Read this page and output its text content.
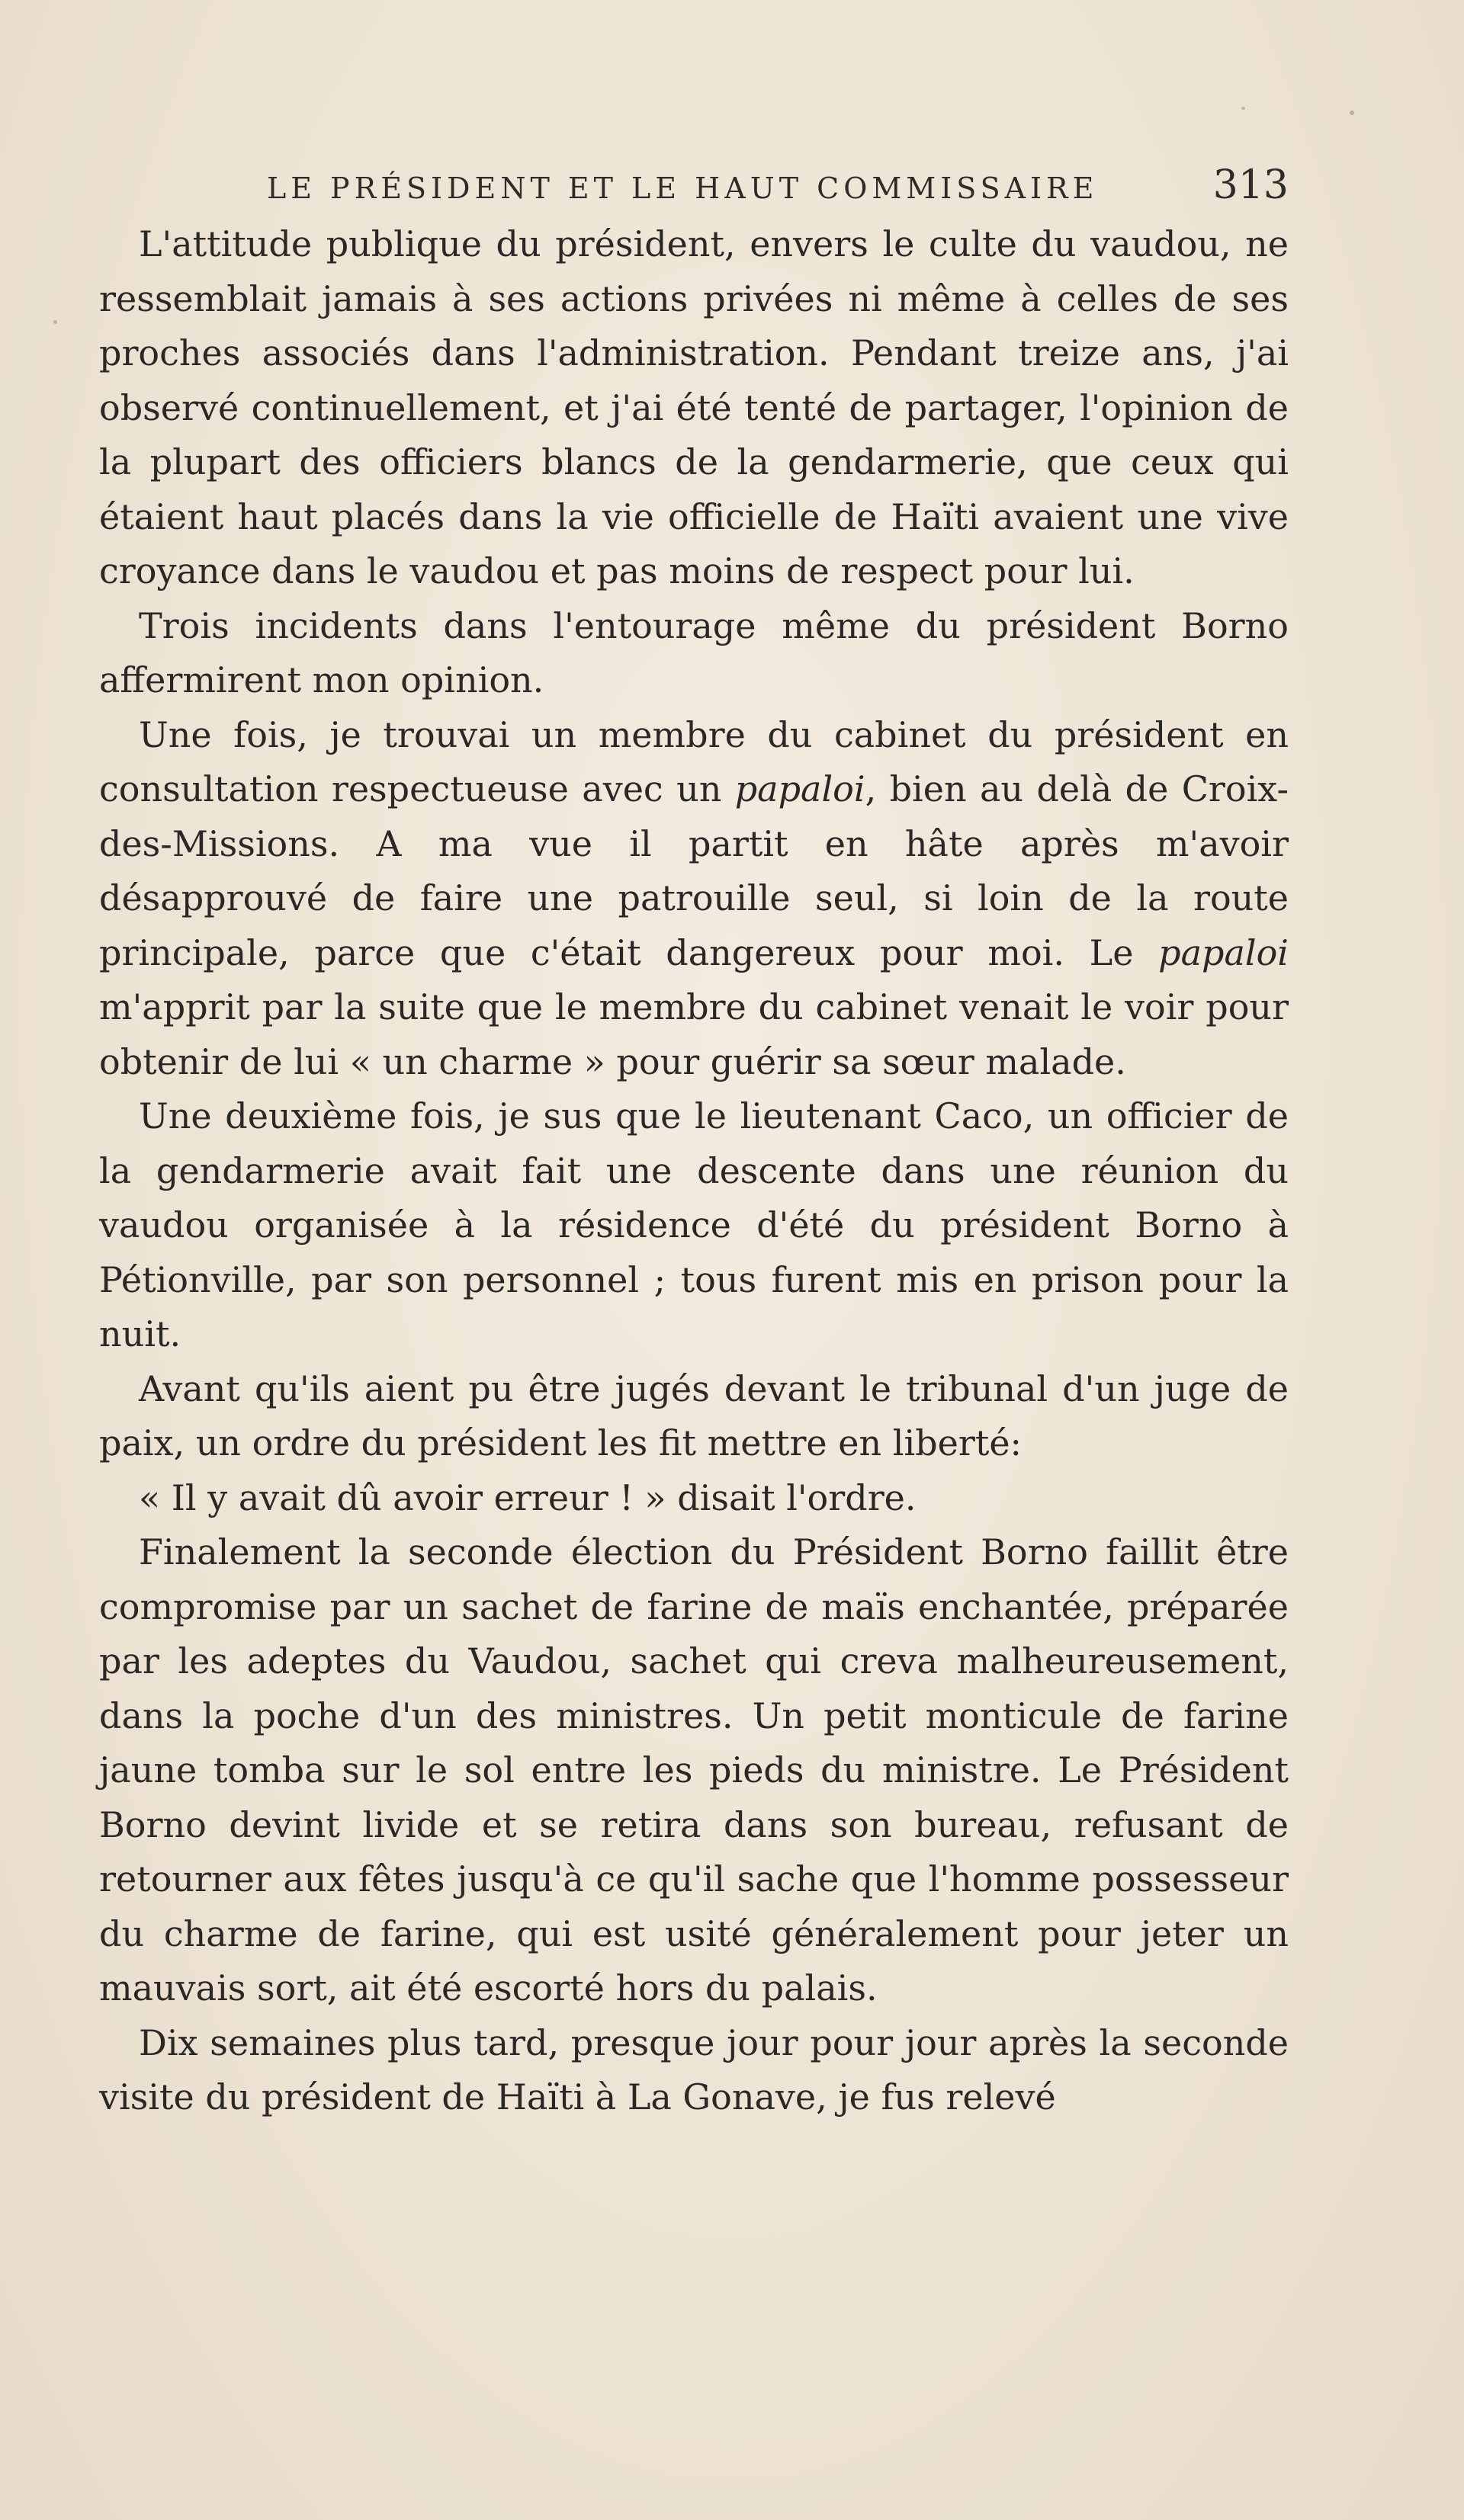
LE PRÉSIDENT ET LE HAUT COMMISSAIRE	313

L'attitude publique du président, envers le culte du vaudou, ne ressemblait jamais à ses actions privées ni même à celles de ses proches associés dans l'administration. Pendant treize ans, j'ai observé continuellement, et j'ai été tenté de partager, l'opinion de la plupart des officiers blancs de la gendarmerie, que ceux qui étaient haut placés dans la vie officielle de Haïti avaient une vive croyance dans le vaudou et pas moins de respect pour lui.

Trois incidents dans l'entourage même du président Borno affermirent mon opinion.

Une fois, je trouvai un membre du cabinet du président en consultation respectueuse avec un papaloi, bien au delà de Croix-des-Missions. A ma vue il partit en hâte après m'avoir désapprouvé de faire une patrouille seul, si loin de la route principale, parce que c'était dangereux pour moi. Le papaloi m'apprit par la suite que le membre du cabinet venait le voir pour obtenir de lui « un charme » pour guérir sa sœur malade.

Une deuxième fois, je sus que le lieutenant Caco, un officier de la gendarmerie avait fait une descente dans une réunion du vaudou organisée à la résidence d'été du président Borno à Pétionville, par son personnel ; tous furent mis en prison pour la nuit.

Avant qu'ils aient pu être jugés devant le tribunal d'un juge de paix, un ordre du président les fit mettre en liberté:

« Il y avait dû avoir erreur ! » disait l'ordre.

Finalement la seconde élection du Président Borno faillit être compromise par un sachet de farine de maïs enchantée, préparée par les adeptes du Vaudou, sachet qui creva malheureusement, dans la poche d'un des ministres. Un petit monticule de farine jaune tomba sur le sol entre les pieds du ministre. Le Président Borno devint livide et se retira dans son bureau, refusant de retourner aux fêtes jusqu'à ce qu'il sache que l'homme possesseur du charme de farine, qui est usité généralement pour jeter un mauvais sort, ait été escorté hors du palais.

Dix semaines plus tard, presque jour pour jour après la seconde visite du président de Haïti à La Gonave, je fus relevé
